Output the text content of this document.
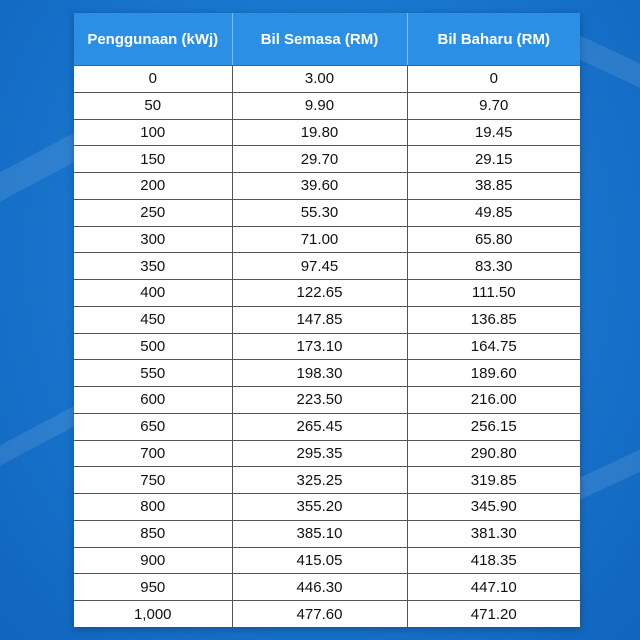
Penggunaan (kWj)	Bil Semasa (RM)	Bil Baharu (RM)
0	3.00	0
50	9.90	9.70
100	19.80	19.45
150	29.70	29.15
200	39.60	38.85
250	55.30	49.85
300	71.00	65.80
350	97.45	83.30
400	122.65	111.50
450	147.85	136.85
500	173.10	164.75
550	198.30	189.60
600	223.50	216.00
650	265.45	256.15
700	295.35	290.80
750	325.25	319.85
800	355.20	345.90
850	385.10	381.30
900	415.05	418.35
950	446.30	447.10
1,000	477.60	471.20
